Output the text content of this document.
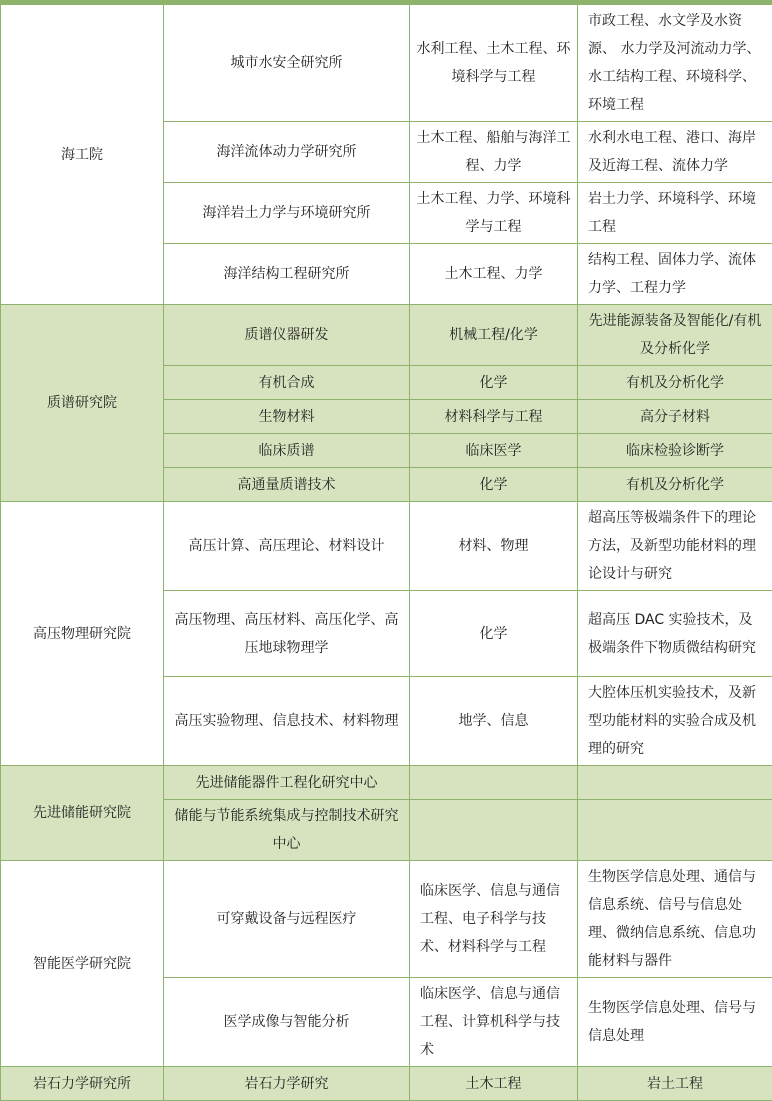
海工院	城市水安全研究所	水利工程、土木工程、环境科学与工程	市政工程、水文学及水资源、 水力学及河流动力学、 水工结构工程、环境科学、 环境工程
	海洋流体动力学研究所	土木工程、船舶与海洋工程、力学	水利水电工程、港口、海岸及近海工程、流体力学
	海洋岩土力学与环境研究所	土木工程、力学、环境科学与工程	岩土力学、环境科学、环境工程
	海洋结构工程研究所	土木工程、力学	结构工程、固体力学、流体力学、工程力学
质谱研究院	质谱仪器研发	机械工程/化学	先进能源装备及智能化/有机及分析化学
	有机合成	化学	有机及分析化学
	生物材料	材料科学与工程	高分子材料
	临床质谱	临床医学	临床检验诊断学
	高通量质谱技术	化学	有机及分析化学
高压物理研究院	高压计算、高压理论、材料设计	材料、物理	超高压等极端条件下的理论方法，及新型功能材料的理论设计与研究
	高压物理、高压材料、高压化学、高压地球物理学	化学	超高压 DAC 实验技术，及极端条件下物质微结构研究
	高压实验物理、信息技术、材料物理	地学、信息	大腔体压机实验技术，及新型功能材料的实验合成及机理的研究
先进储能研究院	先进储能器件工程化研究中心		
	储能与节能系统集成与控制技术研究中心		
智能医学研究院	可穿戴设备与远程医疗	临床医学、信息与通信工程、电子科学与技术、材料科学与工程	生物医学信息处理、通信与信息系统、信号与信息处理、微纳信息系统、信息功能材料与器件
	医学成像与智能分析	临床医学、信息与通信工程、计算机科学与技术	生物医学信息处理、信号与信息处理
岩石力学研究所	岩石力学研究	土木工程	岩土工程
